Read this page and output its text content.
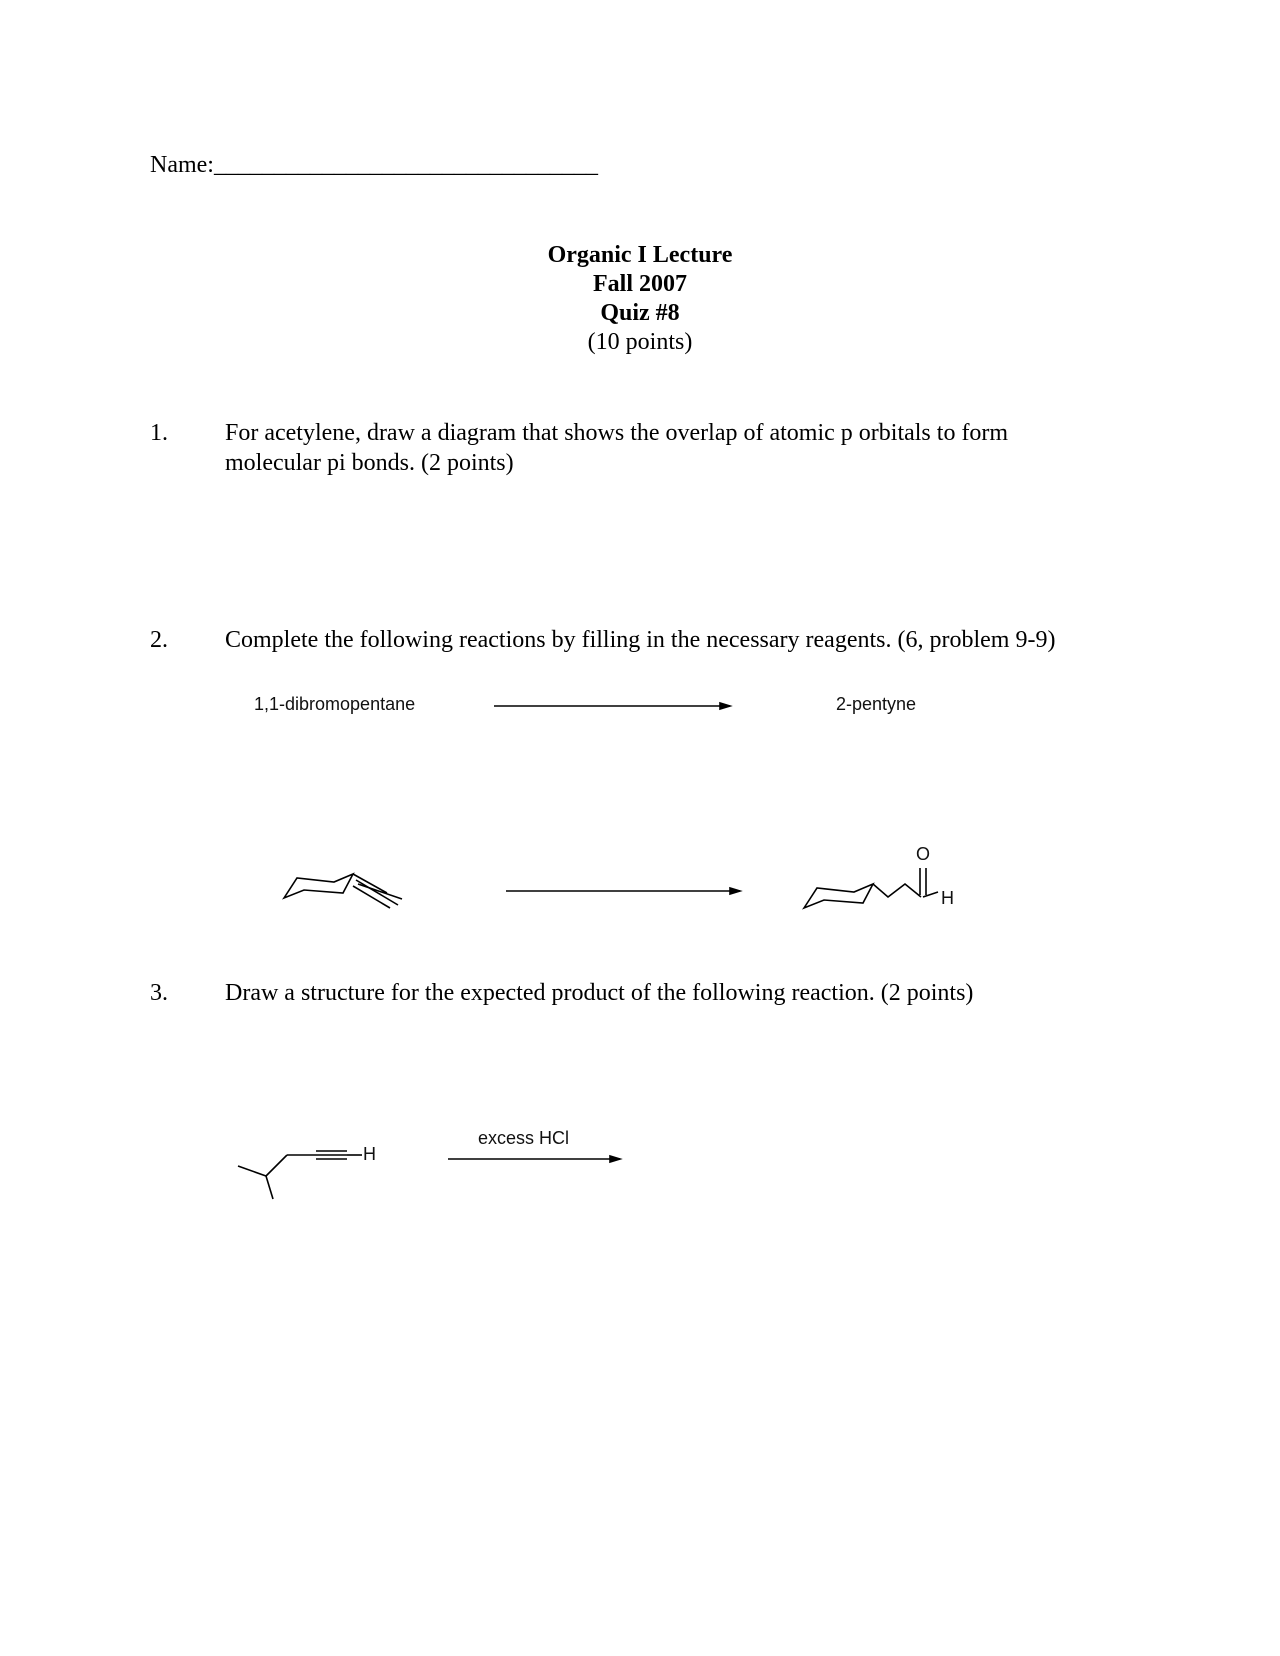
Name:________________________________
Organic I Lecture
Fall 2007
Quiz #8
(10 points)
1. For acetylene, draw a diagram that shows the overlap of atomic p orbitals to form
molecular pi bonds. (2 points)
2. Complete the following reactions by filling in the necessary reagents. (6, problem 9-9)
1,1-dibromopentane	2-pentyne
O
H
3. Draw a structure for the expected product of the following reaction. (2 points)
H
excess HCl
